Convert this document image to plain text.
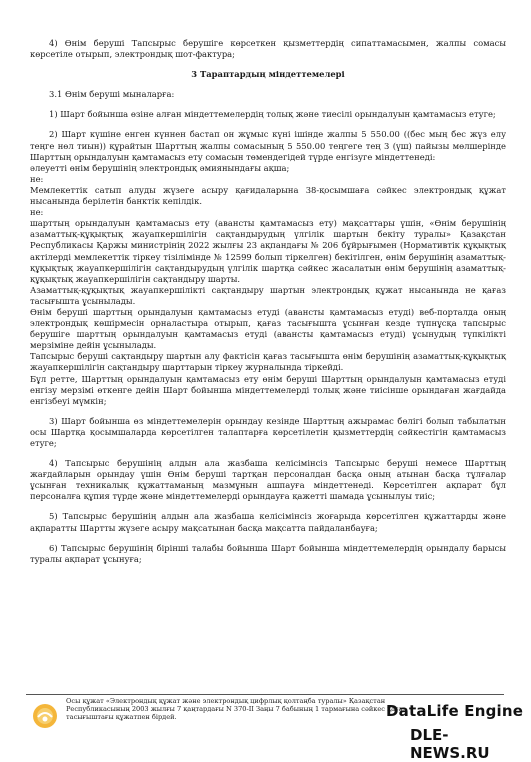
4) Өнім беруші Тапсырыс берушіге көрсеткен қызметтердің сипаттамасымен, жалпы сомасы көрсетіле отырып, электрондық шот-фактура;

3 Тараптардың міндеттемелері

3.1 Өнім беруші мыналарға:

1) Шарт бойынша өзіне алған міндеттемелердің толық және тиесілі орындалуын қамтамасыз етуге;

2) Шарт күшіне енген күннен бастап он жұмыс күні ішінде жалпы 5 550.00 ((бес мың бес жүз елу теңге нөл тиын)) құрайтын Шарттың жалпы сомасының 5 550.00 теңгеге тең 3 (үш) пайызы мөлшерінде Шарттың орындалуын қамтамасыз ету сомасын төмендегідей түрде енгізуге міндеттенеді:

әлеуетті өнім берушінің электрондық әмиянындағы ақша;

не:

Мемлекеттік сатып алуды жүзеге асыру қағидаларына 38-қосымшаға сәйкес электрондық құжат нысанында берілетін банктік кепілдік.

не:

шарттың орындалуын қамтамасыз ету (аванcты қамтамасыз ету) мақсаттары үшін, «Өнім берушінің азаматтық-құқықтық жауапкершілігін сақтандырудың үлгілік шартын бекіту туралы» Қазақстан Республикасы Қаржы министрінің 2022 жылғы 23 ақпандағы № 206 бұйрығымен (Нормативтік құқықтық актілерді мемлекеттік тіркеу тізілімінде № 12599 болып тіркелген) бекітілген, өнім берушінің азаматтық-құқықтық жауапкершілігін сақтандырудың үлгілік шартқа сәйкес жасалатын өнім берушінің азаматтық-құқықтық жауапкершілігін сақтандыру шарты.

Азаматтық-құқықтық жауапкершілікті сақтандыру шартын электрондық құжат нысанында не қағаз тасығышта ұсынылады.

Өнім беруші шарттың орындалуын қамтамасыз етуді (аванcты қамтамасыз етуді) веб-порталда оның электрондық көшірмесін орналастыра отырып, қағаз тасығышта ұсынған кезде түпнұсқа тапсырыс берушіге шарттың орындалуын қамтамасыз етуді (аванcты қамтамасыз етуді) ұсынудың түпкілікті мерзіміне дейін ұсынылады.

Тапсырыс беруші сақтандыру шартын алу фактісін қағаз тасығышта өнім берушінің азаматтық-құқықтық жауапкершілігін сақтандыру шарттарын тіркеу журналында тіркейді.

Бұл ретте, Шарттың орындалуын қамтамасыз ету өнім беруші Шарттың орындалуын қамтамасыз етуді енгізу мерзімі өткенге дейін Шарт бойынша міндеттемелерді толық және тиісінше орындаған жағдайда енгізбеуі мүмкін;

3) Шарт бойынша өз міндеттемелерін орындау кезінде Шарттың ажырамас бөлігі болып табылатын осы Шартқа қосымшаларда көрсетілген талаптарға көрсетілетін қызметтердің сәйкестігін қамтамасыз етуге;

4) Тапсырыс берушінің алдын ала жазбаша келісімінсіз Тапсырыс беруші немесе Шарттың жағдайларын орындау үшін Өнім беруші тартқан персоналдан басқа оның атынан басқа тұлғалар ұсынған техникалық құжаттаманың мазмұнын ашпауға міндеттенеді. Көрсетілген ақпарат бұл персоналға құпия түрде және міндеттемелерді орындауға қажетті шамада ұсынылуы тиіс;

5) Тапсырыс берушінің алдын ала жазбаша келісімінсіз жоғарыда көрсетілген құжаттарды және ақпаратты Шартты жүзеге асыру мақсатынан басқа мақсатта пайдаланбауға;

6) Тапсырыс берушінің бірінші талабы бойынша Шарт бойынша міндеттемелердің орындалу барысы туралы ақпарат ұсынуға;

Осы құжат «Электрондық құжат және электрондық цифрлық қолтаңба туралы» Қазақстан Республикасының 2003 жылғы 7 қаңтардағы N 370-II Заңы 7 бабының 1 тармағына сәйкес қағаз тасығыштағы құжатпен бірдей.	DataLife Engine
DLE-NEWS.RU
